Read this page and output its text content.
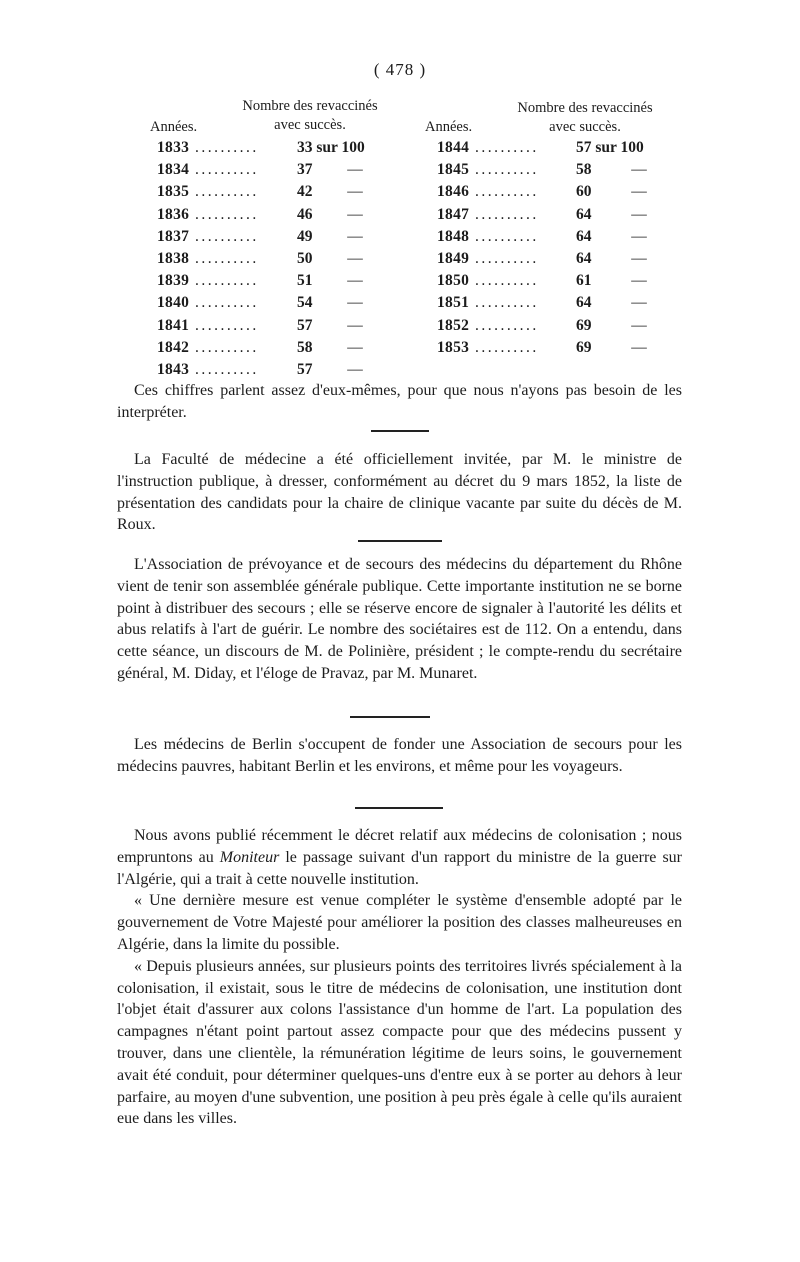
( 478 )
Nombre des revaccinés
avec succès.
Années.
Nombre des revaccinés
avec succès.
Années.
1833 .......... 33 sur 100
1834 .......... 37 —
1835 .......... 42 —
1836 .......... 46 —
1837 .......... 49 —
1838 .......... 50 —
1839 .......... 51 —
1840 .......... 54 —
1841 .......... 57 —
1842 .......... 58 —
1843 .......... 57 —
1844 .......... 57 sur 100
1845 .......... 58	—
1846 .......... 60	—
1847 .......... 64	—
1848 .......... 64	—
1849 .......... 64	—
1850 .......... 61	—
1851 .......... 64	—
1852 .......... 69	—
1853 .......... 69	—

Ces chiffres parlent assez d'eux-mêmes, pour que nous n'ayons pas besoin de les interpréter.

La Faculté de médecine a été officiellement invitée, par M. le ministre de l'instruction publique, à dresser, conformément au décret du 9 mars 1852, la liste de présentation des candidats pour la chaire de clinique vacante par suite du décès de M. Roux.

L'Association de prévoyance et de secours des médecins du département du Rhône vient de tenir son assemblée générale publique. Cette importante institution ne se borne point à distribuer des secours ; elle se réserve encore de signaler à l'autorité les délits et abus relatifs à l'art de guérir. Le nombre des sociétaires est de 112. On a entendu, dans cette séance, un discours de M. de Polinière, président ; le compte-rendu du secrétaire général, M. Diday, et l'éloge de Pravaz, par M. Munaret.

Les médecins de Berlin s'occupent de fonder une Association de secours pour les médecins pauvres, habitant Berlin et les environs, et même pour les voyageurs.

Nous avons publié récemment le décret relatif aux médecins de colonisation ; nous empruntons au Moniteur le passage suivant d'un rapport du ministre de la guerre sur l'Algérie, qui a trait à cette nouvelle institution.

« Une dernière mesure est venue compléter le système d'ensemble adopté par le gouvernement de Votre Majesté pour améliorer la position des classes malheureuses en Algérie, dans la limite du possible.

« Depuis plusieurs années, sur plusieurs points des territoires livrés spécialement à la colonisation, il existait, sous le titre de médecins de colonisation, une institution dont l'objet était d'assurer aux colons l'assistance d'un homme de l'art. La population des campagnes n'étant point partout assez compacte pour que des médecins pussent y trouver, dans une clientèle, la rémunération légitime de leurs soins, le gouvernement avait été conduit, pour déterminer quelques-uns d'entre eux à se porter au dehors à leur parfaire, au moyen d'une subvention, une position à peu près égale à celle qu'ils auraient eue dans les villes.
